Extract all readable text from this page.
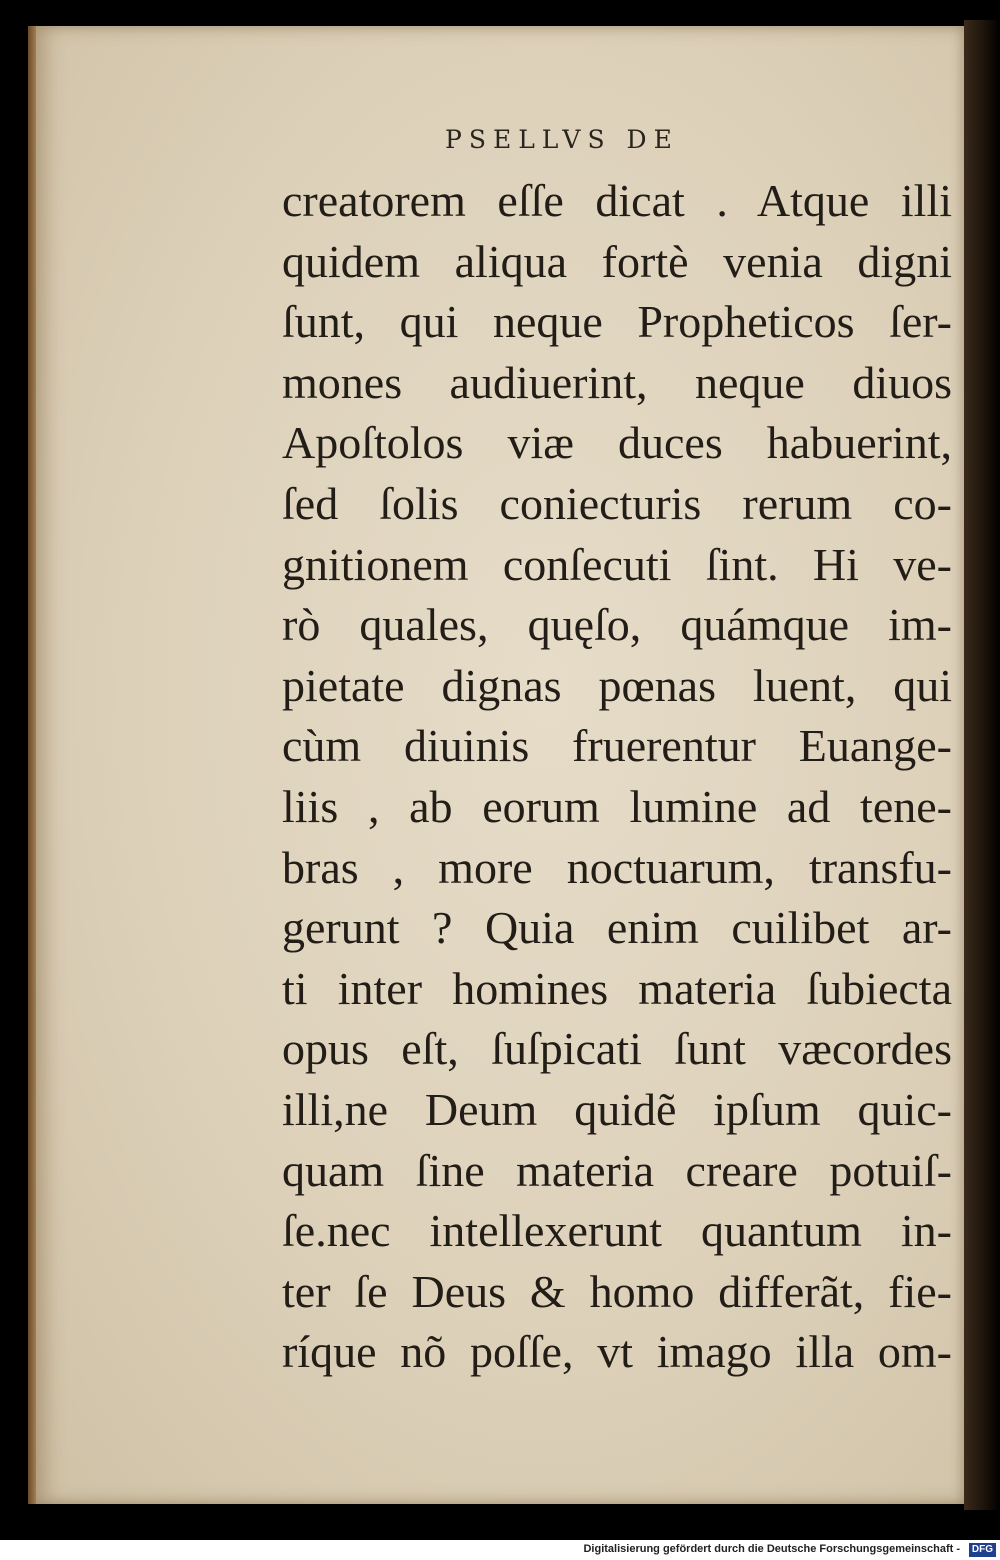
PSELLVS DE
creatorem eſſe dicat . Atque illi
quidem aliqua fortè venia digni
ſunt, qui neque Propheticos ſer-
mones audiuerint, neque diuos
Apoſtolos viæ duces habuerint,
ſed ſolis coniecturis rerum co-
gnitionem conſecuti ſint. Hi ve-
rò quales, quęſo, quámque im-
pietate dignas pœnas luent, qui
cùm diuinis fruerentur Euange-
liis , ab eorum lumine ad tene-
bras , more noctuarum, transfu-
gerunt ? Quia enim cuilibet ar-
ti inter homines materia ſubiecta
opus eſt, ſuſpicati ſunt væcordes
illi,ne Deum quidẽ ipſum quic-
quam ſine materia creare potuiſ-
ſe.nec intellexerunt quantum in-
ter ſe Deus & homo differãt, fie-
ríque nõ poſſe, vt imago illa om-
Digitalisierung gefördert durch die Deutsche Forschungsgemeinschaft -	DFG
